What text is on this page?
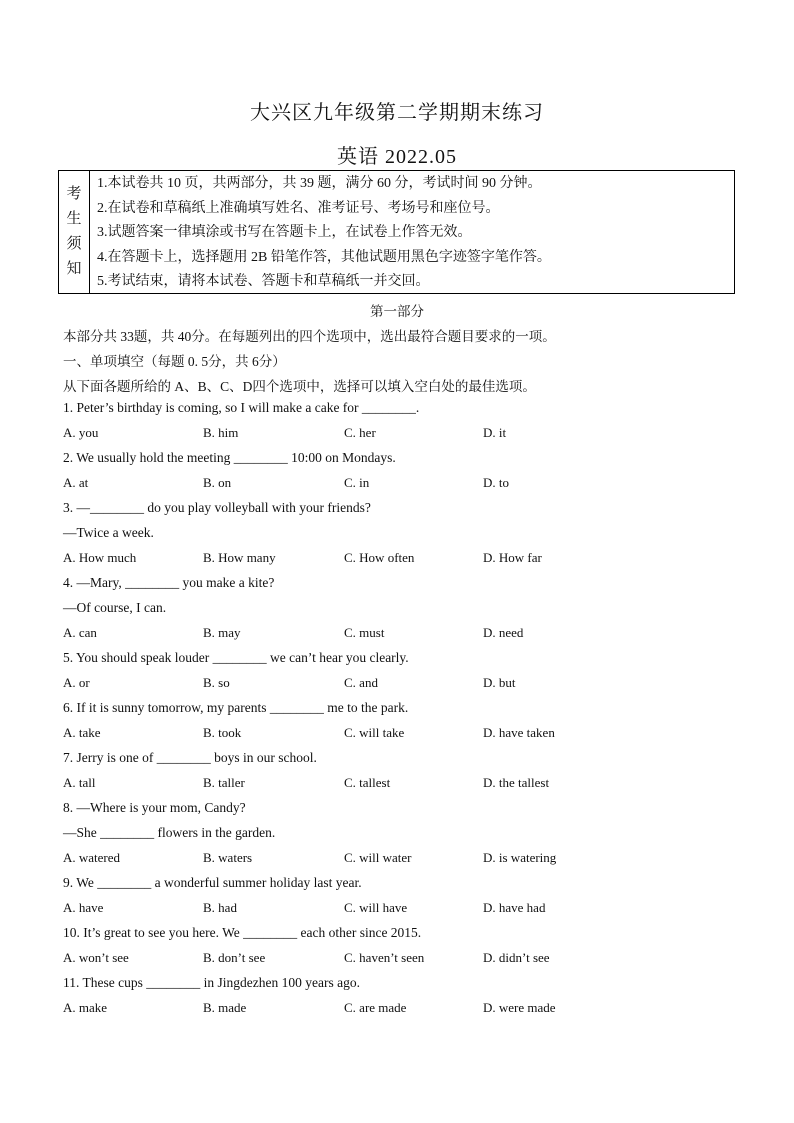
大兴区九年级第二学期期末练习
英语 2022.05
考
生
须
知
1.本试卷共 10 页，共两部分，共 39 题，满分 60 分，考试时间 90 分钟。
2.在试卷和草稿纸上准确填写姓名、准考证号、考场号和座位号。
3.试题答案一律填涂或书写在答题卡上，在试卷上作答无效。
4.在答题卡上，选择题用 2B 铅笔作答，其他试题用黑色字迹签字笔作答。
5.考试结束，请将本试卷、答题卡和草稿纸一并交回。
第一部分
本部分共 33题，共 40分。在每题列出的四个选项中，选出最符合题目要求的一项。
一、单项填空（每题 0. 5分，共 6分）
从下面各题所给的 A、B、C、D四个选项中，选择可以填入空白处的最佳选项。
1. Peter’s birthday is coming, so I will make a cake for ________.
A. you	B. him	C. her	D. it
2. We usually hold the meeting ________ 10:00 on Mondays.
A. at	B. on	C. in	D. to
3. —________ do you play volleyball with your friends?
—Twice a week.
A. How much	B. How many	C. How often	D. How far
4. —Mary, ________ you make a kite?
—Of course, I can.
A. can	B. may	C. must	D. need
5. You should speak louder ________ we can’t hear you clearly.
A. or	B. so	C. and	D. but
6. If it is sunny tomorrow, my parents ________ me to the park.
A. take	B. took	C. will take	D. have taken
7. Jerry is one of ________ boys in our school.
A. tall	B. taller	C. tallest	D. the tallest
8. —Where is your mom, Candy?
—She ________ flowers in the garden.
A. watered	B. waters	C. will water	D. is watering
9. We ________ a wonderful summer holiday last year.
A. have	B. had	C. will have	D. have had
10. It’s great to see you here. We ________ each other since 2015.
A. won’t see	B. don’t see	C. haven’t seen	D. didn’t see
11. These cups ________ in Jingdezhen 100 years ago.
A. make	B. made	C. are made	D. were made
